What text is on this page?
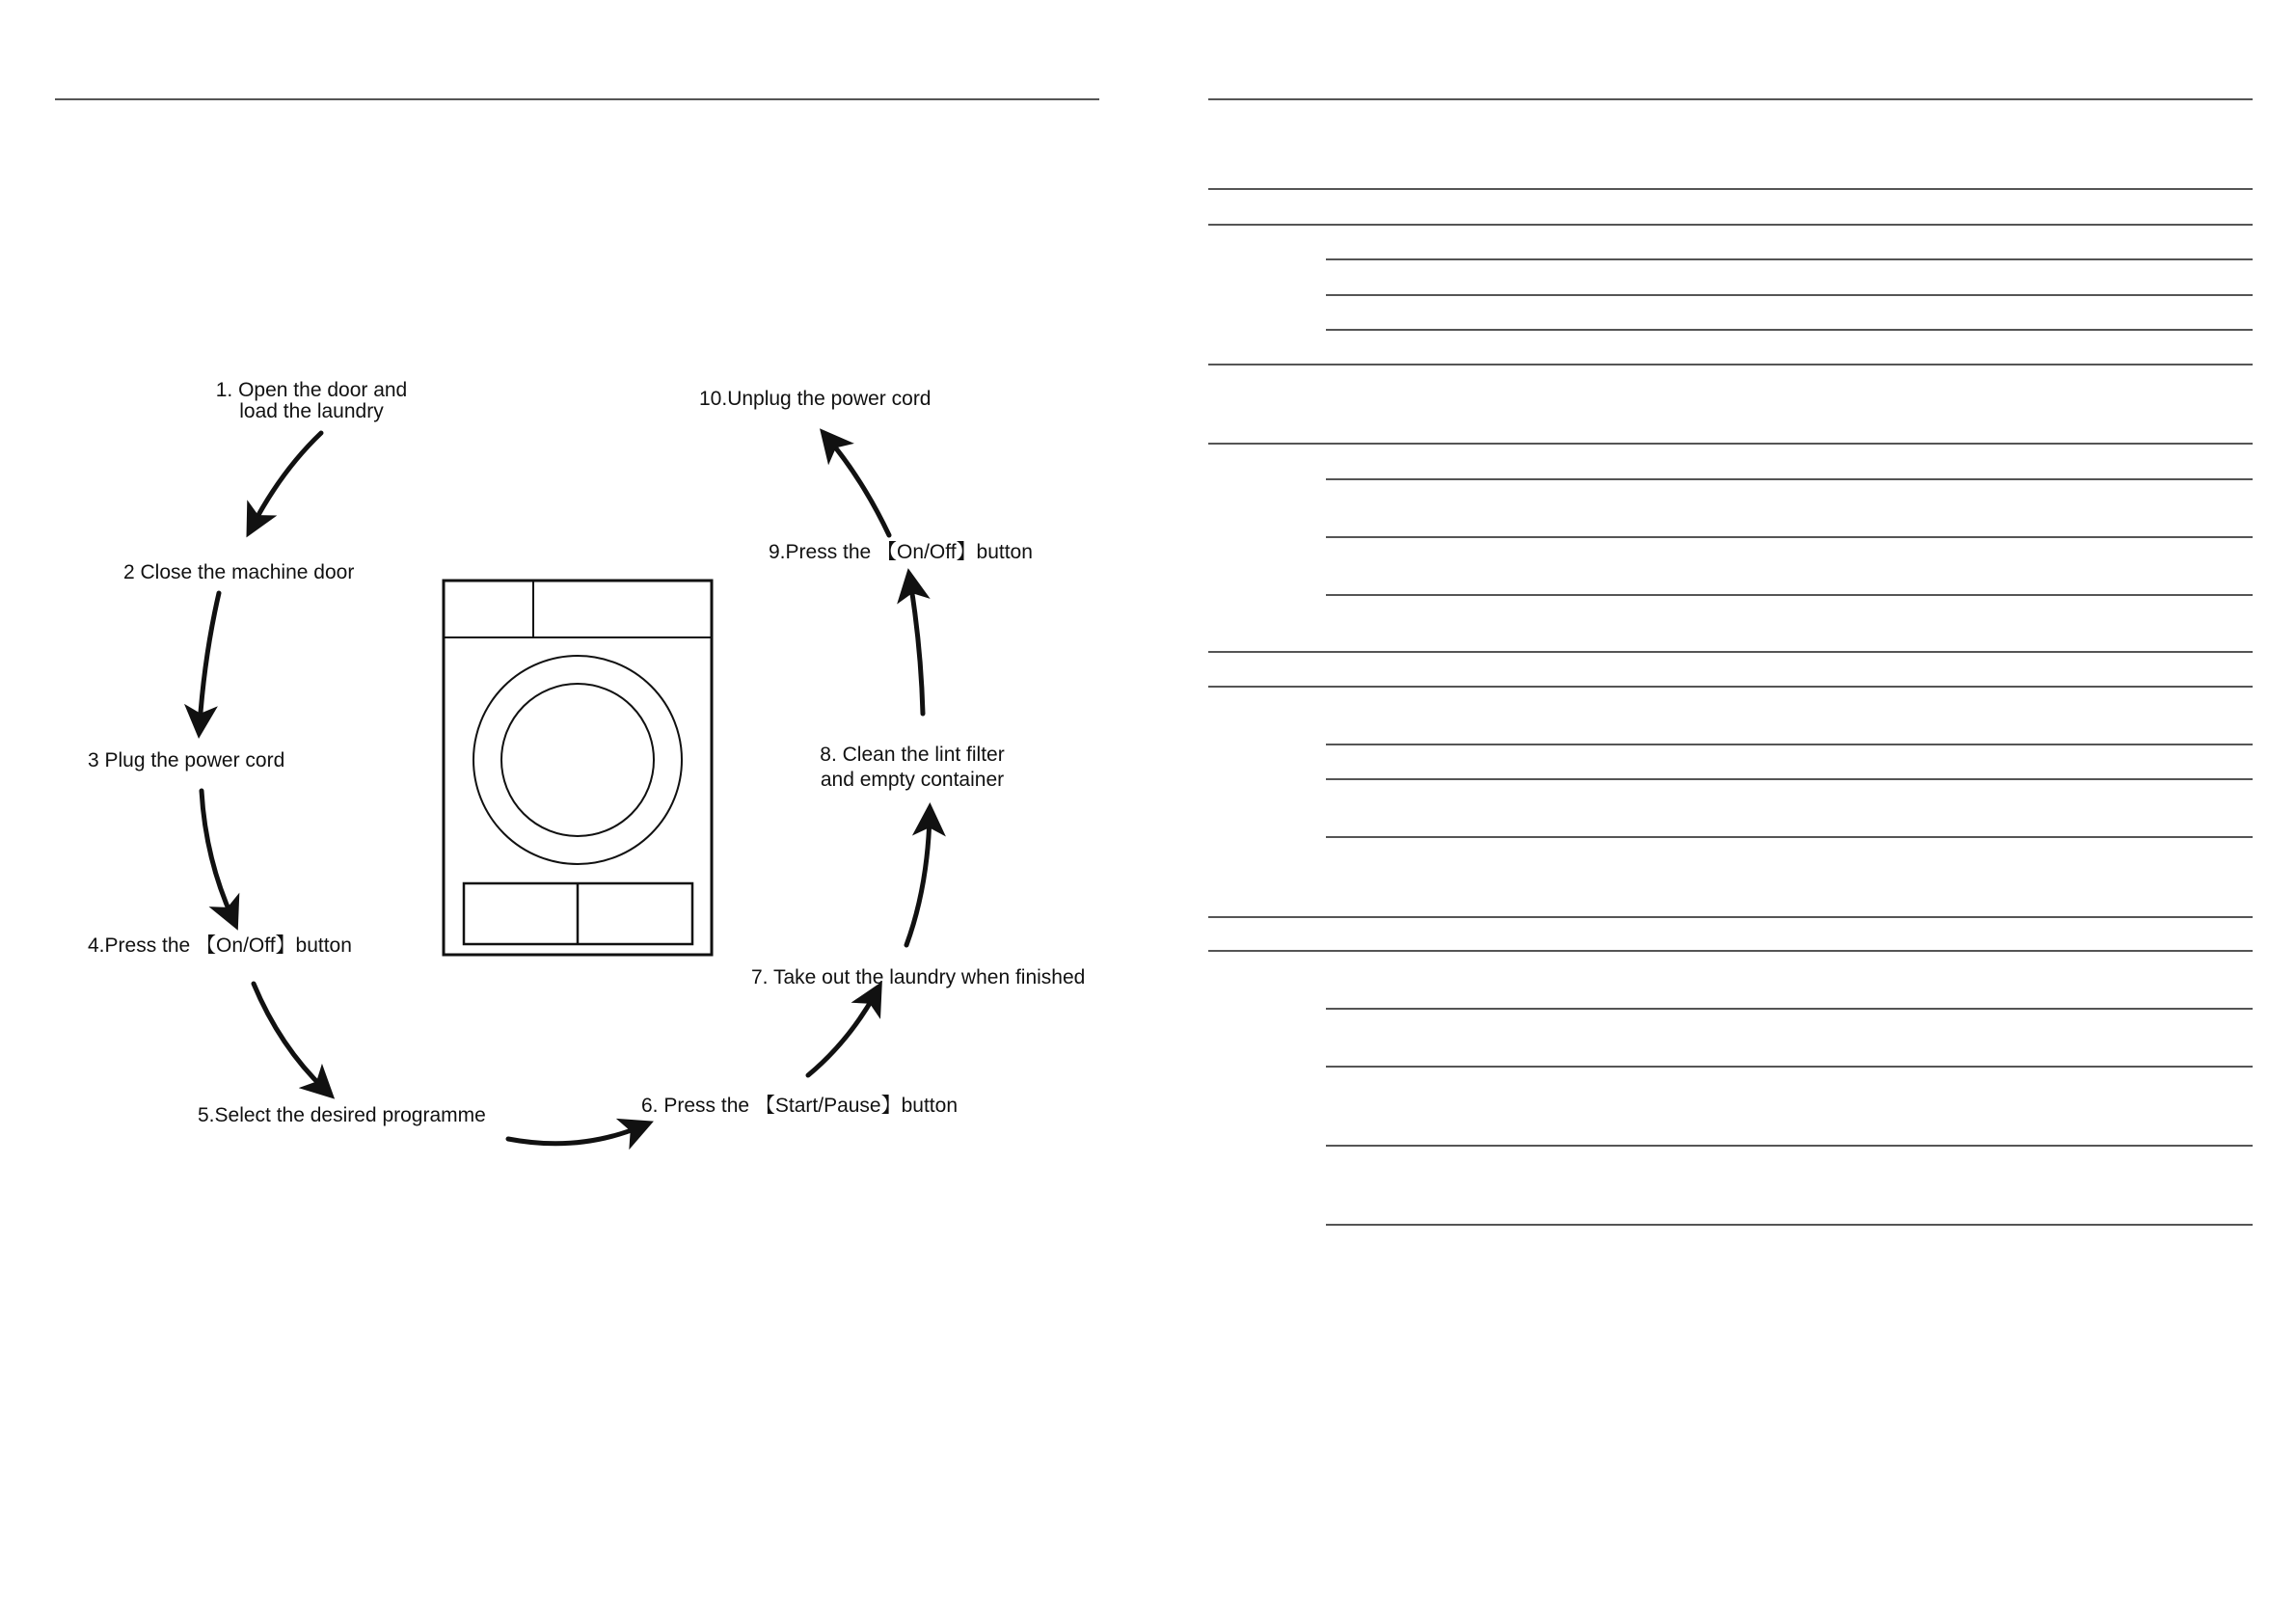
1. Open the door and
load the laundry
2 Close the machine door
3 Plug the power cord
4.Press the 【On/Off】button
5.Select the desired programme	6. Press the 【Start/Pause】button
7. Take out the laundry when finished
8. Clean the lint filter
and empty container
9.Press the 【On/Off】button
10.Unplug the power cord
